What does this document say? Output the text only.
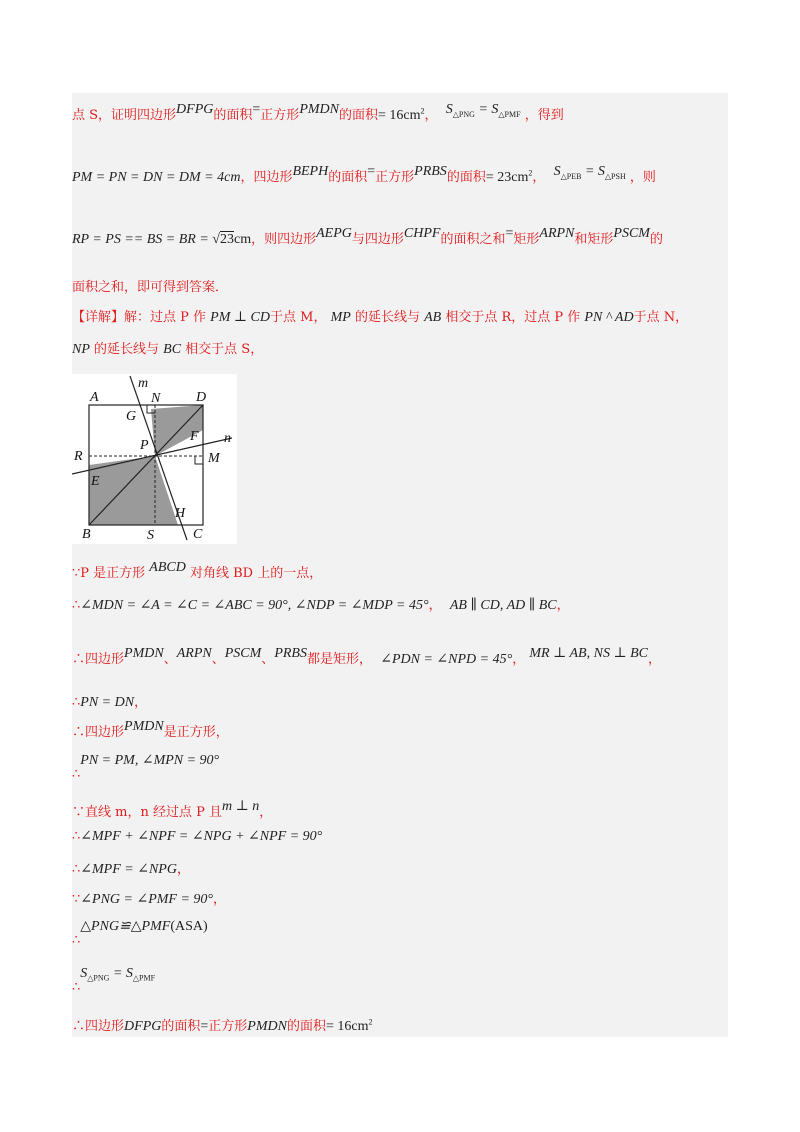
点 S，证明四边形DFPG的面积=正方形PMDN的面积= $16cm^2$， $S_{\triangle PNG} = S_{\triangle PMF}$ ，得到
PM = PN = DN = DM = 4cm，四边形BEPH的面积=正方形PRBS的面积= $23cm^2$， $S_{\triangle PEB} = S_{\triangle PSH}$ ，则
RP = PS == BS = BR = √23cm，则四边形AEPG与四边形CHPF的面积之和=矩形ARPN和矩形PSCM的
面积之和，即可得到答案．
【详解】解：过点 P 作 PM ⊥ CD于点 M， MP 的延长线与 AB 相交于点 R，过点 P 作 PN ^ AD于点 N，
NP 的延长线与 BC 相交于点 S，
A	D
N
m
G
P
F n
R	M
E
B	S
H
C
∵P 是正方形 ABCD 对角线 BD 上的一点，
∴∠MDN = ∠A = ∠C = ∠ABC = 90°, ∠NDP = ∠MDP = 45°， AB ∥ CD, AD ∥ BC，
∴四边形PMDN、ARPN、PSCM、PRBS都是矩形， ∠PDN = ∠NPD = 45°， MR ⊥ AB, NS ⊥ BC，
∴PN = DN，
∴四边形PMDN是正方形，
∴PN = PM, ∠MPN = 90°
∵直线 m，n 经过点 P 且m ⊥ n，
∴∠MPF + ∠NPF = ∠NPG + ∠NPF = 90°
∴∠MPF = ∠NPG，
∵∠PNG = ∠PMF = 90°，
∴△PNG≌△PMF(ASA)
$\therefore S_{\triangle PNG} = S_{\triangle PMF}$
∴四边形DFPG的面积=正方形PMDN的面积= $16cm^2$
